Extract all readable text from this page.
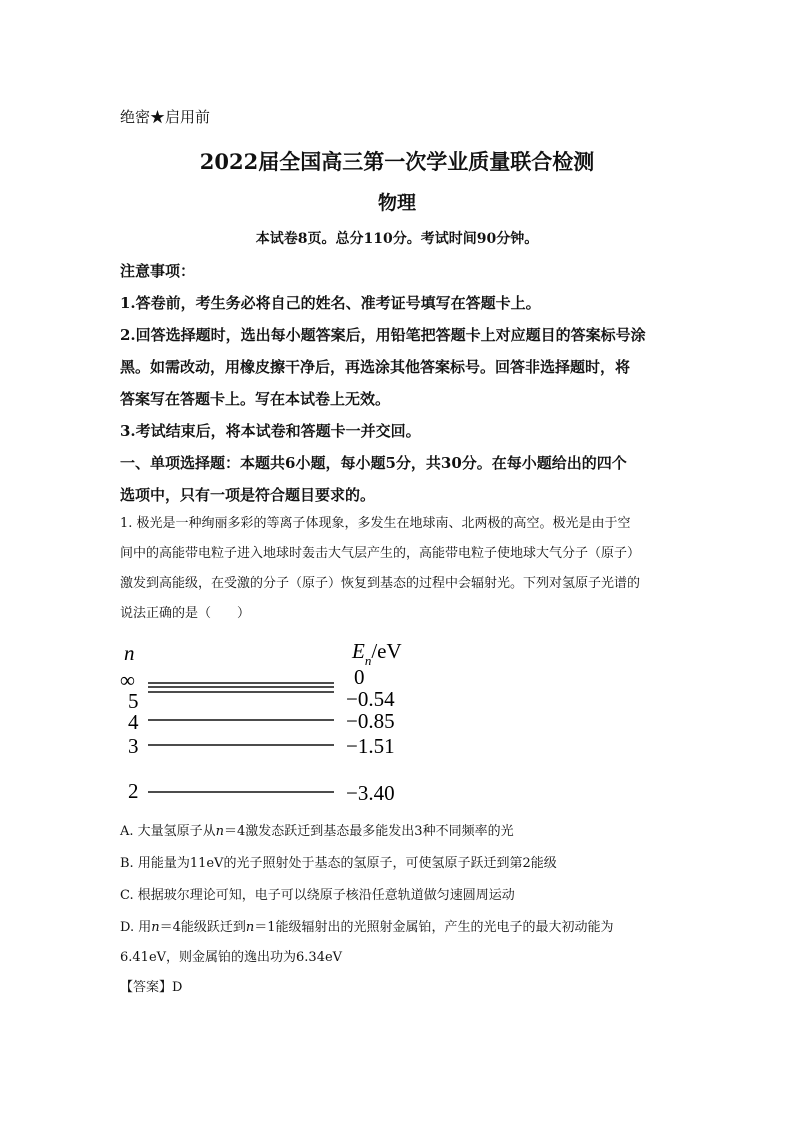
绝密★启用前
2022届全国高三第一次学业质量联合检测
物理
本试卷8页。总分110分。考试时间90分钟。
注意事项：
1.答卷前，考生务必将自己的姓名、准考证号填写在答题卡上。
2.回答选择题时，选出每小题答案后，用铅笔把答题卡上对应题目的答案标号涂
黑。如需改动，用橡皮擦干净后，再选涂其他答案标号。回答非选择题时，将
答案写在答题卡上。写在本试卷上无效。
3.考试结束后，将本试卷和答题卡一并交回。
一、单项选择题：本题共6小题，每小题5分，共30分。在每小题给出的四个
选项中，只有一项是符合题目要求的。
1. 极光是一种绚丽多彩的等离子体现象，多发生在地球南、北两极的高空。极光是由于空
间中的高能带电粒子进入地球时轰击大气层产生的，高能带电粒子使地球大气分子（原子）
激发到高能级，在受激的分子（原子）恢复到基态的过程中会辐射光。下列对氢原子光谱的
说法正确的是（　　）
n	$E_n/eV$
∞	0
5	−0.54
4	−0.85
3	−1.51
2	−3.40
A. 大量氢原子从n＝4激发态跃迁到基态最多能发出3种不同频率的光
B. 用能量为11eV的光子照射处于基态的氢原子，可使氢原子跃迁到第2能级
C. 根据玻尔理论可知，电子可以绕原子核沿任意轨道做匀速圆周运动
D. 用n＝4能级跃迁到n＝1能级辐射出的光照射金属铂，产生的光电子的最大初动能为
6.41eV，则金属铂的逸出功为6.34eV
【答案】D
